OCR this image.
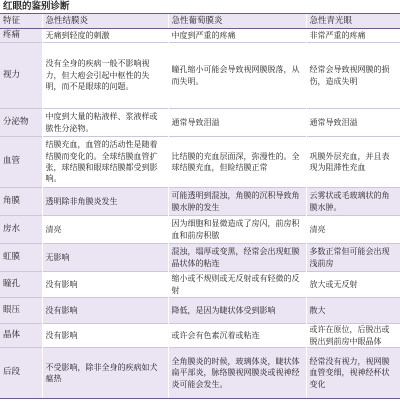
红眼的鉴别诊断
特征	急性结膜炎	急性葡萄膜炎	急性青光眼
疼痛	无痛到轻度的刺激	中度到严重的疼痛	非常严重的疼痛
视力	没有全身的疾病一般不影响视力，但大疱会引起中枢性的失明，而不是眼球的问题。	瞳孔缩小可能会导致视网膜脱落，从而失明。	经常会导致视网膜的损伤，造成失明
分泌物	中度到大量的粘液样、浆液样或脓性分泌物。	通常导致泪溢	通常导致泪溢
血管	结膜充血，血管的活动性是随着结膜而变化的。全球结膜血管扩张，球结膜和眼球结膜都受到影响。	比结膜的充血层面深，弥漫性的。全球结膜充血，但睑结膜正常	巩膜外层充血，并且表现为阻滞性充血
角膜	透明除非角膜炎发生	可能透明到混浊，角膜的沉积导致角膜水肿的发生	云雾状或毛玻璃状的角膜水肿。
房水	清亮	因为细胞和显微造成了房闪，前房积血和前房积脓	清亮
虹膜	无影响	混浊，塌厚或变黑，经常会出现虹膜晶状体的粘连	多数正常但可能会出现浅前房
瞳孔	没有影响	缩小或不规则或无反射或有轻微的反射	放大或无反射
眼压	没有影响	降低，是因为睫状体受到影响	散大
晶体	没有影响	或许会有色素沉着或粘连	或许在原位，后脱出或脱出到前房中眼晶体
后段	不受影响，除非全身的疾病如犬瘟热	全角膜炎的时候，玻璃体炎，睫状体扁平部炎，脉络膜视网膜炎或视神经炎可能会发生。	经常没有视力，视网膜血管变细，视神经杯状变化
